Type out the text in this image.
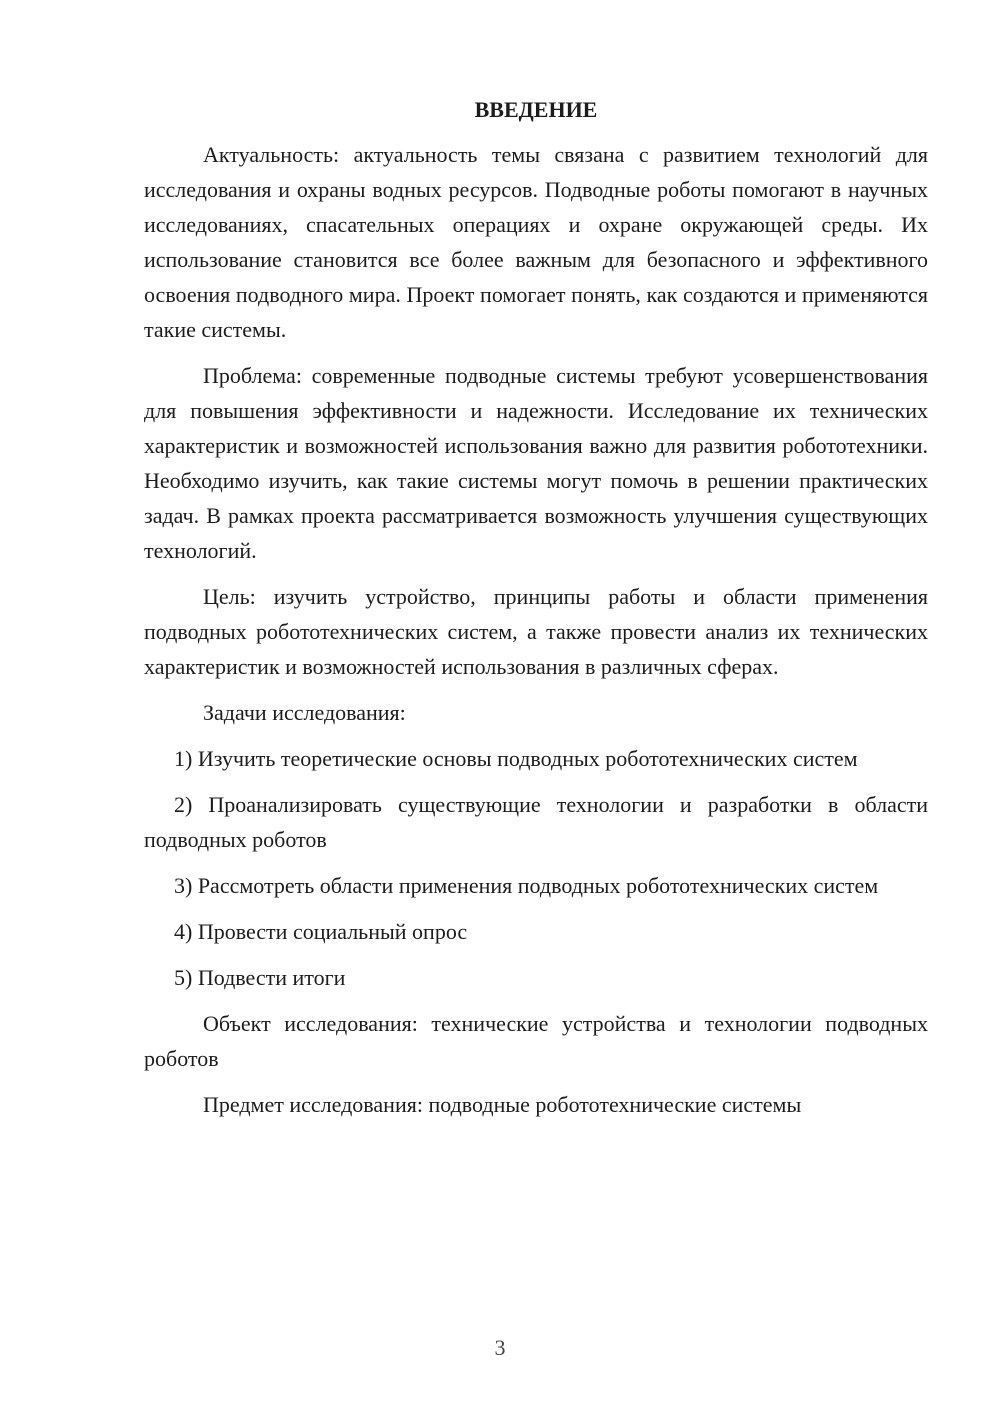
ВВЕДЕНИЕ

Актуальность: актуальность темы связана с развитием технологий для исследования и охраны водных ресурсов. Подводные роботы помогают в научных исследованиях, спасательных операциях и охране окружающей среды. Их использование становится все более важным для безопасного и эффективного освоения подводного мира. Проект помогает понять, как создаются и применяются такие системы.

Проблема: современные подводные системы требуют усовершенствования для повышения эффективности и надежности. Исследование их технических характеристик и возможностей использования важно для развития робототехники. Необходимо изучить, как такие системы могут помочь в решении практических задач. В рамках проекта рассматривается возможность улучшения существующих технологий.

Цель: изучить устройство, принципы работы и области применения подводных робототехнических систем, а также провести анализ их технических характеристик и возможностей использования в различных сферах.

Задачи исследования:

1) Изучить теоретические основы подводных робототехнических систем

2) Проанализировать существующие технологии и разработки в области подводных роботов

3) Рассмотреть области применения подводных робототехнических систем

4) Провести социальный опрос

5) Подвести итоги

Объект исследования: технические устройства и технологии подводных роботов

Предмет исследования: подводные робототехнические системы

3
